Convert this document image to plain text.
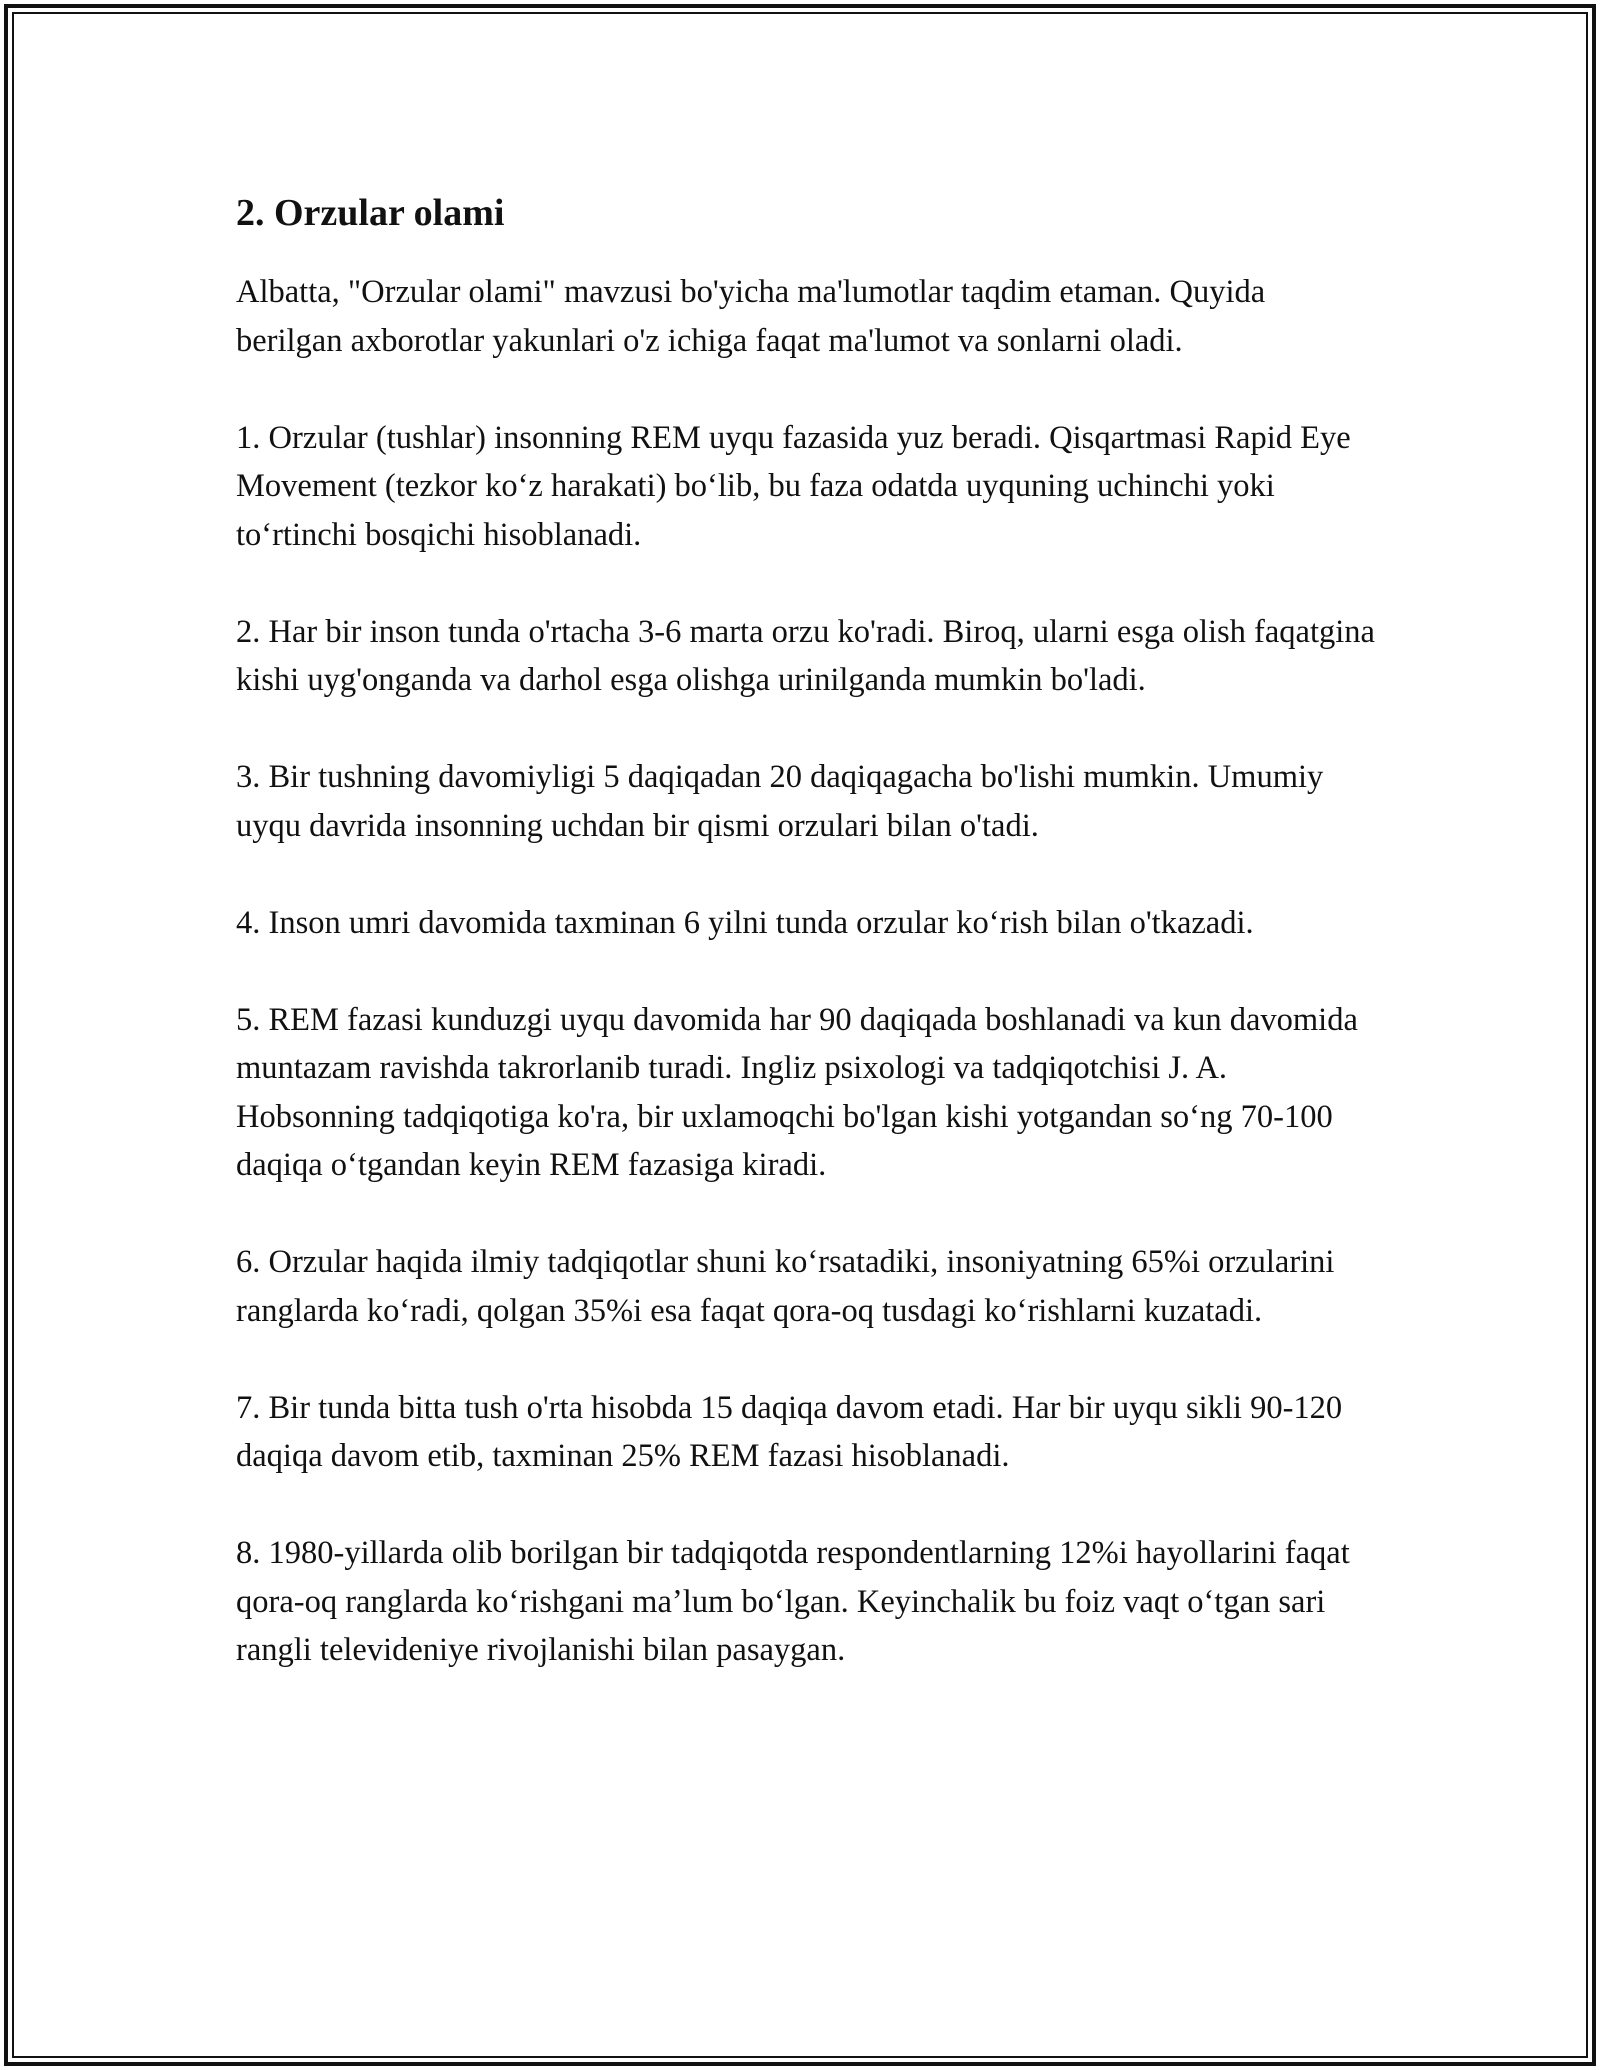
2. Orzular olami

Albatta, "Orzular olami" mavzusi bo'yicha ma'lumotlar taqdim etaman. Quyida berilgan axborotlar yakunlari o'z ichiga faqat ma'lumot va sonlarni oladi.

1. Orzular (tushlar) insonning REM uyqu fazasida yuz beradi. Qisqartmasi Rapid Eye Movement (tezkor koʻz harakati) boʻlib, bu faza odatda uyquning uchinchi yoki toʻrtinchi bosqichi hisoblanadi.

2. Har bir inson tunda o'rtacha 3-6 marta orzu ko'radi. Biroq, ularni esga olish faqatgina kishi uyg'onganda va darhol esga olishga urinilganda mumkin bo'ladi.

3. Bir tushning davomiyligi 5 daqiqadan 20 daqiqagacha bo'lishi mumkin. Umumiy uyqu davrida insonning uchdan bir qismi orzulari bilan o'tadi.

4. Inson umri davomida taxminan 6 yilni tunda orzular koʻrish bilan o'tkazadi.

5. REM fazasi kunduzgi uyqu davomida har 90 daqiqada boshlanadi va kun davomida muntazam ravishda takrorlanib turadi. Ingliz psixologi va tadqiqotchisi J. A. Hobsonning tadqiqotiga ko'ra, bir uxlamoqchi bo'lgan kishi yotgandan soʻng 70-100 daqiqa oʻtgandan keyin REM fazasiga kiradi.

6. Orzular haqida ilmiy tadqiqotlar shuni koʻrsatadiki, insoniyatning 65%i orzularini ranglarda koʻradi, qolgan 35%i esa faqat qora-oq tusdagi koʻrishlarni kuzatadi.

7. Bir tunda bitta tush o'rta hisobda 15 daqiqa davom etadi. Har bir uyqu sikli 90-120 daqiqa davom etib, taxminan 25% REM fazasi hisoblanadi.

8. 1980-yillarda olib borilgan bir tadqiqotda respondentlarning 12%i hayollarini faqat qora-oq ranglarda koʻrishgani maʼlum boʻlgan. Keyinchalik bu foiz vaqt oʻtgan sari rangli televideniye rivojlanishi bilan pasaygan.
